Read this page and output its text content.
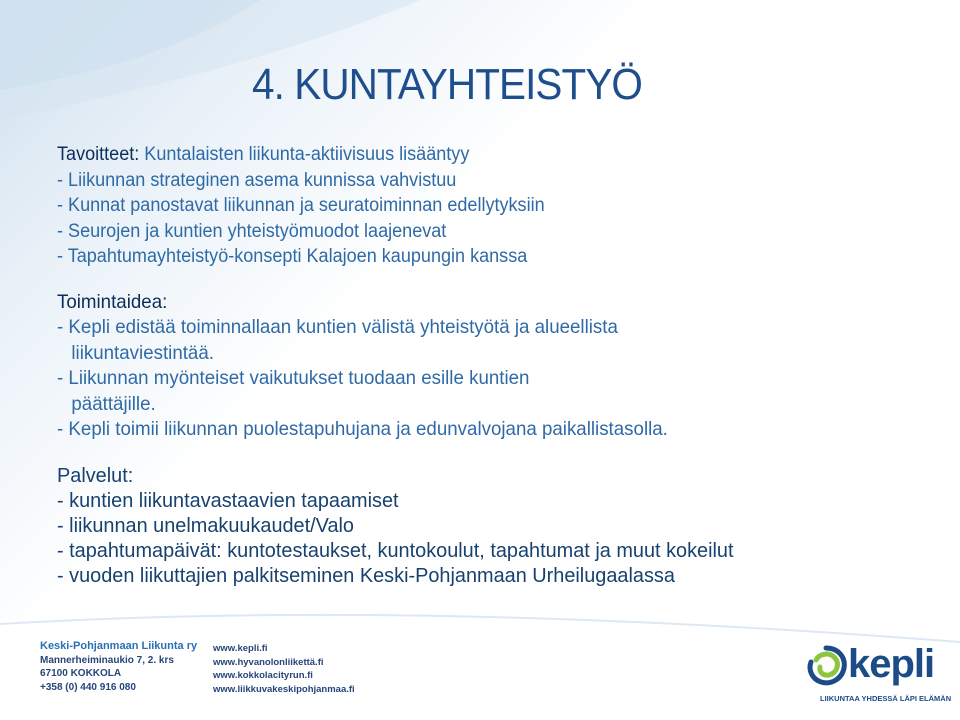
4. KUNTAYHTEISTYÖ
Tavoitteet: Kuntalaisten liikunta-aktiivisuus lisääntyy
- Liikunnan strateginen asema kunnissa vahvistuu
- Kunnat panostavat liikunnan ja seuratoiminnan edellytyksiin
- Seurojen ja kuntien yhteistyömuodot laajenevat
- Tapahtumayhteistyö-konsepti Kalajoen kaupungin kanssa
Toimintaidea:
- Kepli edistää toiminnallaan kuntien välistä yhteistyötä ja alueellista
liikuntaviestintää.
- Liikunnan myönteiset vaikutukset tuodaan esille kuntien
päättäjille.
- Kepli toimii liikunnan puolestapuhujana ja edunvalvojana paikallistasolla.
Palvelut:
- kuntien liikuntavastaavien tapaamiset
- liikunnan unelmakuukaudet/Valo
- tapahtumapäivät: kuntotestaukset, kuntokoulut, tapahtumat ja muut kokeilut
- vuoden liikuttajien palkitseminen Keski-Pohjanmaan Urheilugaalassa
Keski-Pohjanmaan Liikunta ry
Mannerheiminaukio 7, 2. krs
67100 KOKKOLA
+358 (0) 440 916 080
www.kepli.fi
www.hyvanolonliikettä.fi
www.kokkolacityrun.fi
www.liikkuvakeskipohjanmaa.fi
kepli
LIIKUNTAA YHDESSÄ LÄPI ELÄMÄN
